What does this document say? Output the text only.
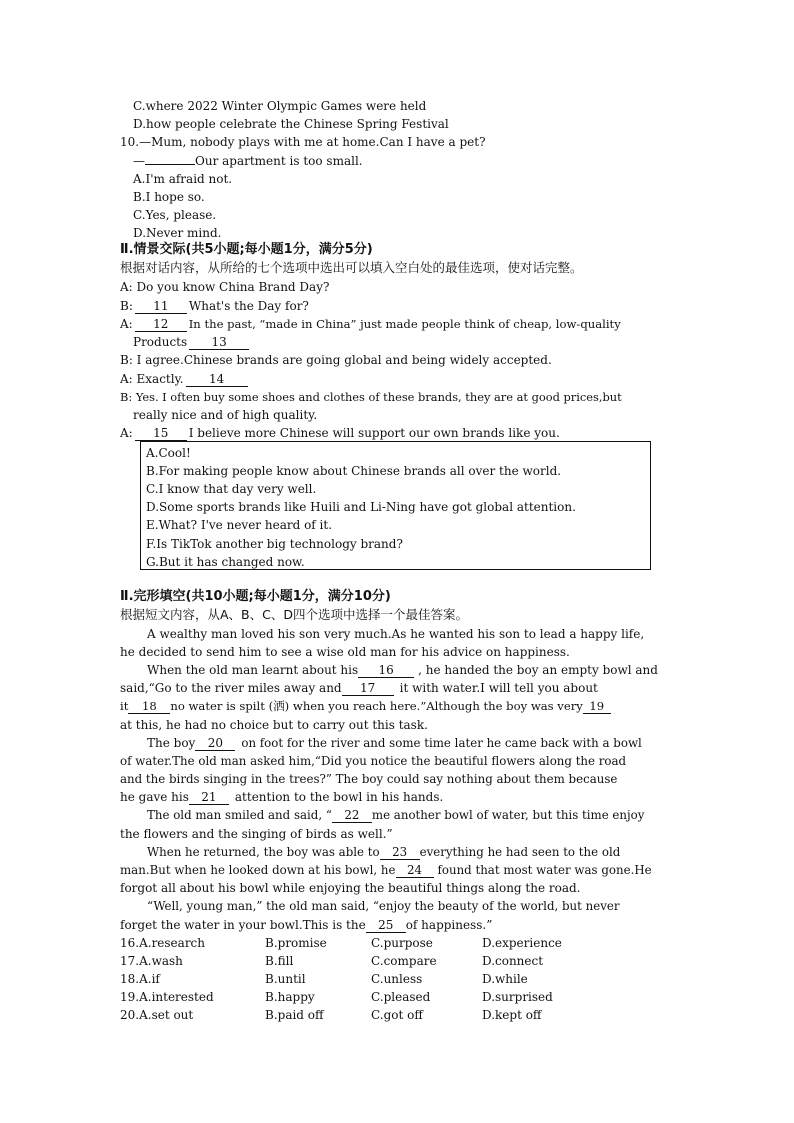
C.where 2022 Winter Olympic Games were held
D.how people celebrate the Chinese Spring Festival
10.—Mum, nobody plays with me at home.Can I have a pet?
—	Our apartment is too small.
A.I'm afraid not.
B.I hope so.
C.Yes, please.
D.Never mind.
Ⅱ.情景交际(共5小题;每小题1分，满分5分)
根据对话内容，从所给的七个选项中选出可以填入空白处的最佳选项，使对话完整。
A: Do you know China Brand Day?
B: 11 What's the Day for?
A: 12 In the past, “made in China” just made people think of cheap, low-quality
Products 13
B: I agree.Chinese brands are going global and being widely accepted.
A: Exactly. 14
B: Yes. I often buy some shoes and clothes of these brands, they are at good prices,but
really nice and of high quality.
A: 15 I believe more Chinese will support our own brands like you.
A.Cool!
B.For making people know about Chinese brands all over the world.
C.I know that day very well.
D.Some sports brands like Huili and Li-Ning have got global attention.
E.What? I've never heard of it.
F.Is TikTok another big technology brand?
G.But it has changed now.
Ⅱ.完形填空(共10小题;每小题1分，满分10分)
根据短文内容，从A、B、C、D四个选项中选择一个最佳答案。
A wealthy man loved his son very much.As he wanted his son to lead a happy life,
he decided to send him to see a wise old man for his advice on happiness.
When the old man learnt about his 16 , he handed the boy an empty bowl and
said,“Go to the river miles away and 17 it with water.I will tell you about
it 18 no water is spilt (洒) when you reach here.”Although the boy was very 19
at this, he had no choice but to carry out this task.
The boy 20 on foot for the river and some time later he came back with a bowl
of water.The old man asked him,“Did you notice the beautiful flowers along the road
and the birds singing in the trees?” The boy could say nothing about them because
he gave his 21 attention to the bowl in his hands.
The old man smiled and said, “ 22 me another bowl of water, but this time enjoy
the flowers and the singing of birds as well.”
When he returned, the boy was able to 23 everything he had seen to the old
man.But when he looked down at his bowl, he 24 found that most water was gone.He
forgot all about his bowl while enjoying the beautiful things along the road.
“Well, young man,” the old man said, “enjoy the beauty of the world, but never
forget the water in your bowl.This is the 25 of happiness.”
16.A.research	B.promise	C.purpose	D.experience
17.A.wash	B.fill	C.compare	D.connect
18.A.if	B.until	C.unless	D.while
19.A.interested	B.happy	C.pleased	D.surprised
20.A.set out	B.paid off	C.got off	D.kept off
